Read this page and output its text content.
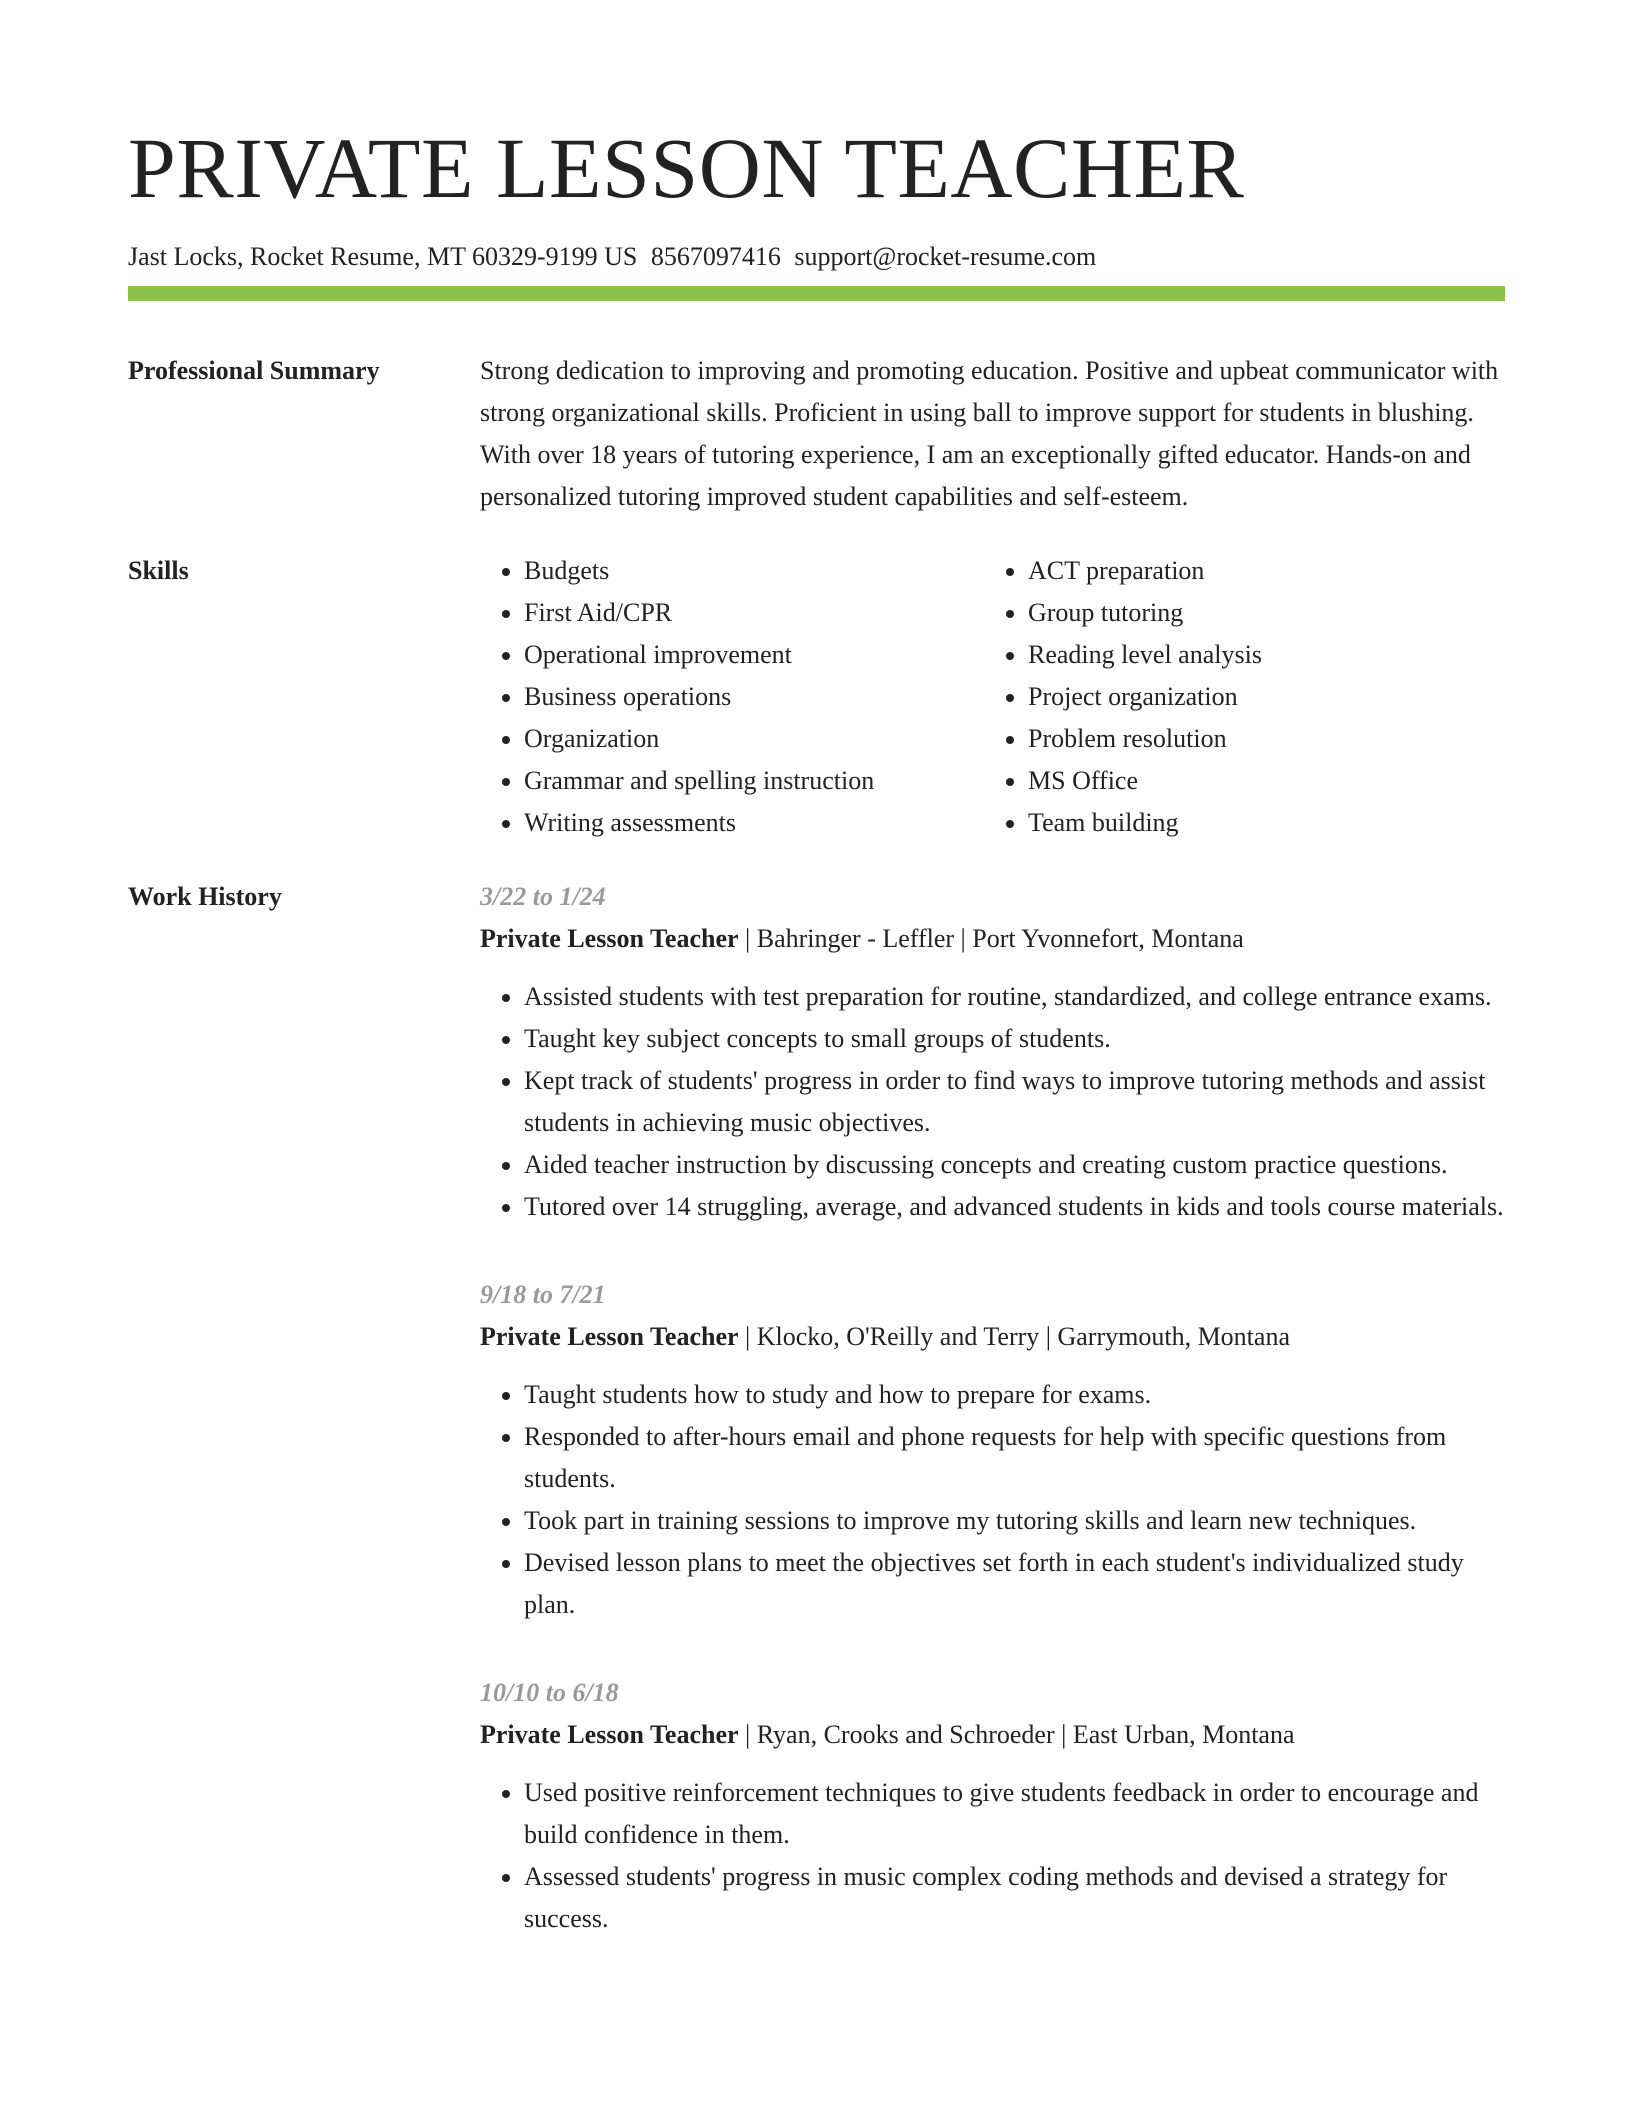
PRIVATE LESSON TEACHER
Jast Locks, Rocket Resume, MT 60329-9199 US 8567097416 support@rocket-resume.com
Professional Summary	Strong dedication to improving and promoting education. Positive and upbeat communicator with strong organizational skills. Proficient in using ball to improve support for students in blushing. With over 18 years of tutoring experience, I am an exceptionally gifted educator. Hands-on and personalized tutoring improved student capabilities and self-esteem.

Skills
•	Budgets
• First Aid/CPR
• Operational improvement
• Business operations
• Organization
• Grammar and spelling instruction
• Writing assessments
• ACT preparation
• Group tutoring
• Reading level analysis
• Project organization
• Problem resolution
• MS Office
• Team building
Work History	3/22 to 1/24
Private Lesson Teacher | Bahringer - Leffler | Port Yvonnefort, Montana
• Assisted students with test preparation for routine, standardized, and college entrance exams.
• Taught key subject concepts to small groups of students.
• Kept track of students' progress in order to find ways to improve tutoring methods and assist students in achieving music objectives.
• Aided teacher instruction by discussing concepts and creating custom practice questions.
• Tutored over 14 struggling, average, and advanced students in kids and tools course materials.
9/18 to 7/21
Private Lesson Teacher | Klocko, O'Reilly and Terry | Garrymouth, Montana
• Taught students how to study and how to prepare for exams.
• Responded to after-hours email and phone requests for help with specific questions from students.
• Took part in training sessions to improve my tutoring skills and learn new techniques.
• Devised lesson plans to meet the objectives set forth in each student's individualized study plan.
10/10 to 6/18
Private Lesson Teacher | Ryan, Crooks and Schroeder | East Urban, Montana
• Used positive reinforcement techniques to give students feedback in order to encourage and build confidence in them.
• Assessed students' progress in music complex coding methods and devised a strategy for success.
